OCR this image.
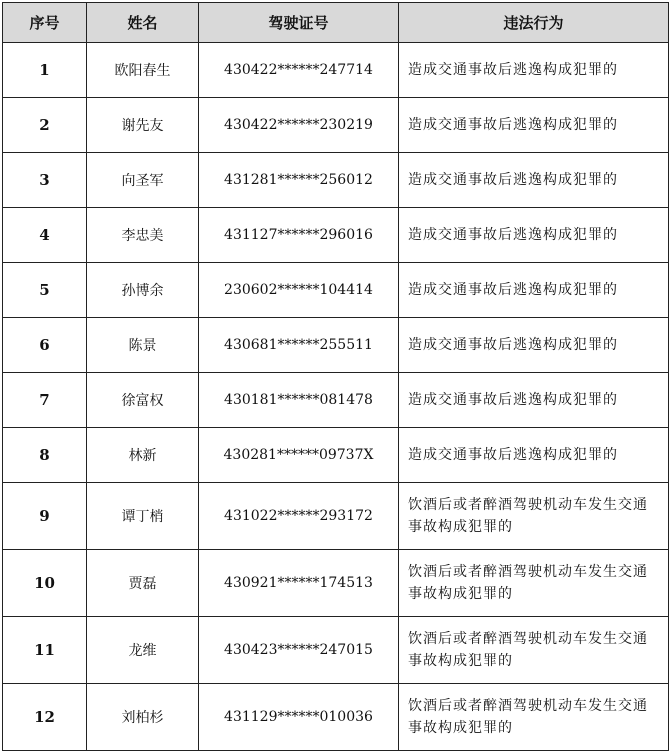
序号	姓名	驾驶证号	违法行为
1	欧阳春生	430422******247714	造成交通事故后逃逸构成犯罪的
2	谢先友	430422******230219	造成交通事故后逃逸构成犯罪的
3	向圣军	431281******256012	造成交通事故后逃逸构成犯罪的
4	李忠美	431127******296016	造成交通事故后逃逸构成犯罪的
5	孙博余	230602******104414	造成交通事故后逃逸构成犯罪的
6	陈景	430681******255511	造成交通事故后逃逸构成犯罪的
7	徐富权	430181******081478	造成交通事故后逃逸构成犯罪的
8	林新	430281******09737X	造成交通事故后逃逸构成犯罪的
9	谭丁梢	431022******293172	饮酒后或者醉酒驾驶机动车发生交通事故构成犯罪的
10	贾磊	430921******174513	饮酒后或者醉酒驾驶机动车发生交通事故构成犯罪的
11	龙维	430423******247015	饮酒后或者醉酒驾驶机动车发生交通事故构成犯罪的
12	刘柏杉	431129******010036	饮酒后或者醉酒驾驶机动车发生交通事故构成犯罪的
